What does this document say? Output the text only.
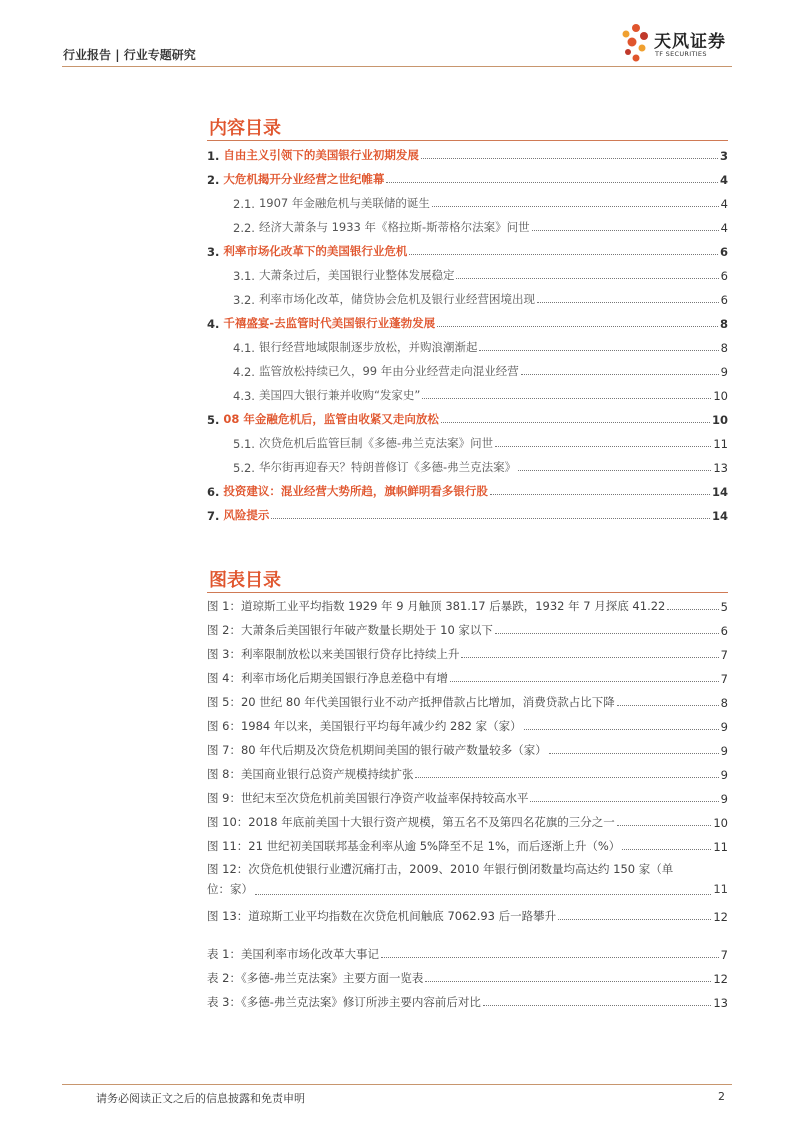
行业报告 | 行业专题研究
天风证券
TF SECURITIES
内容目录
1. 自由主义引领下的美国银行业初期发展	3
2. 大危机揭开分业经营之世纪帷幕	4
2.1. 1907 年金融危机与美联储的诞生	4
2.2. 经济大萧条与 1933 年《格拉斯-斯蒂格尔法案》问世	4
3. 利率市场化改革下的美国银行业危机	6
3.1. 大萧条过后，美国银行业整体发展稳定	6
3.2. 利率市场化改革，储贷协会危机及银行业经营困境出现	6
4. 千禧盛宴-去监管时代美国银行业蓬勃发展	8
4.1. 银行经营地域限制逐步放松，并购浪潮渐起	8
4.2. 监管放松持续已久，99 年由分业经营走向混业经营	9
4.3. 美国四大银行兼并收购“发家史”	10
5. 08 年金融危机后，监管由收紧又走向放松	10
5.1. 次贷危机后监管巨制《多德-弗兰克法案》问世	11
5.2. 华尔街再迎春天？特朗普修订《多德-弗兰克法案》	13
6. 投资建议：混业经营大势所趋，旗帜鲜明看多银行股	14
7. 风险提示	14
图表目录
图 1：道琼斯工业平均指数 1929 年 9 月触顶 381.17 后暴跌，1932 年 7 月探底 41.22	5
图 2：大萧条后美国银行年破产数量长期处于 10 家以下	6
图 3：利率限制放松以来美国银行贷存比持续上升	7
图 4：利率市场化后期美国银行净息差稳中有增	7
图 5：20 世纪 80 年代美国银行业不动产抵押借款占比增加，消费贷款占比下降	8
图 6：1984 年以来，美国银行平均每年减少约 282 家（家）	9
图 7：80 年代后期及次贷危机期间美国的银行破产数量较多（家）	9
图 8：美国商业银行总资产规模持续扩张	9
图 9：世纪末至次贷危机前美国银行净资产收益率保持较高水平	9
图 10：2018 年底前美国十大银行资产规模，第五名不及第四名花旗的三分之一	10
图 11：21 世纪初美国联邦基金利率从逾 5%降至不足 1%，而后逐渐上升（%）	11
图 12：次贷危机使银行业遭沉痛打击，2009、2010 年银行倒闭数量均高达约 150 家（单
位：家）	11
图 13：道琼斯工业平均指数在次贷危机间触底 7062.93 后一路攀升	12
表 1：美国利率市场化改革大事记	7
表 2：《多德-弗兰克法案》主要方面一览表	12
表 3：《多德-弗兰克法案》修订所涉主要内容前后对比	13
请务必阅读正文之后的信息披露和免责申明	2
